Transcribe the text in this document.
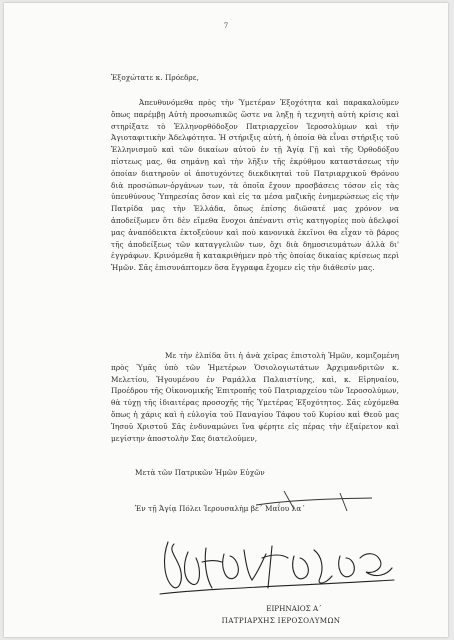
7
Ἐξοχώτατε κ. Πρόεδρε,
Ἀπευθυνόμεθα πρὸς τὴν Ὑμετέραν Ἐξοχότητα καὶ παρακαλοῦμεν ὅπως παρέμβῃ Αὐτὴ προσωπικῶς ὥστε να ληξῃ ἡ τεχνητὴ αὐτὴ κρίσις καὶ στηρίξατε τὸ Ἑλληνορθόδοξον Πατριαρχεῖον Ἱεροσολύμων καὶ τὴν Ἁγιοταφιτικὴν Ἀδελφότητα. Ἡ στήριξις αὐτή, ἡ ὁποία θὰ εἶναι στήριξις τοῦ Ἑλληνισμοῦ καὶ τῶν δικαίων αὐτοῦ ἐν τῇ Ἁγίᾳ Γῇ καὶ τῆς Ὀρθοδόξου πίστεως μας, θα σημάνῃ καὶ τὴν λῆξιν τῆς ἐκρύθμου καταστάσεως τὴν ὁποίαν διατηροῦν οἱ ἀποτυχόντες διεκδικηταὶ τοῦ Πατριαρχικοῦ Θρόνου διὰ προσώπων-ὀργάνων των, τὰ ὁποῖα ἔχουν προσβάσεις τόσον εἰς τὰς ὑπευθύνους Ὑπηρεσίας ὅσον καὶ εἰς τα μέσα μαζικῆς ἐνημερώσεως εἰς τὴν Πατρίδα μας τὴν Ἑλλάδα, ὅπως ἐπίσης διῶσατέ μας χρόνον να ἀποδείξωμεν ὅτι δὲν εἴμεθα ἔνοχοι ἀπέναντι στὶς κατηγορίες ποὺ ἀδελφοί μας ἀναπόδεικτα ἐκτοξεύουν καὶ ποὺ κανονικὰ ἐκεῖνοι θα εἶχαν τὸ βάρος τῆς ἀποδείξεως τῶν καταγγελιῶν των, ὄχι διὰ δημοσιευμάτων ἀλλὰ δι' ἐγγράφων. Κρινόμεθα ἤ κατακριθήμεν πρὸ τῆς ὁποίας δικαίας κρίσεως περὶ Ἡμῶν. Σᾶς ἐπισυνάπτομεν ὅσα ἔγγραφα ἔχομεν εἰς τὴν διάθεσίν μας.
Με τὴν ἐλπίδα ὅτι ἡ ἀνὰ χεῖρας ἐπιστολὴ Ἡμῶν, κομιζομένη πρὸς Ὑμᾶς ὑπὸ τῶν Ἡμετέρων Ὁσιολογιωτάτων Ἀρχιμανδριτῶν κ. Μελετίου, Ἡγουμένου ἐν Ραμάλλα Παλαιστίνης, καὶ, κ. Εἰρηναίου, Προέδρου τῆς Οἰκονομικῆς Ἐπιτροπῆς τοῦ Πατριαρχείου τῶν Ἱεροσολύμων, θὰ τύχῃ τῆς ἰδιαιτέρας προσοχῆς τῆς Ὑμετέρας Ἐξοχότητος. Σᾶς εὐχόμεθα ὅπως ἡ χάρις καὶ ἡ εὐλογία τοῦ Παναγίου Τάφου τοῦ Κυρίου καὶ Θεοῦ μας Ἰησοῦ Χριστοῦ Σᾶς ἐνδυναμώνει ἵνα φέρητε εἰς πέρας τὴν ἐξαίρετον καὶ μεγίστην ἀποστολὴν Σας διατελοῦμεν,
Μετὰ τῶν Πατρικῶν Ἡμῶν Εὐχῶν
Ἐν τῇ Ἁγίᾳ Πόλει Ἱερουσαλὴμ βε΄ Μαΐου λα΄
ΕΙΡΗΝΑΙΟΣ Α΄
ΠΑΤΡΙΑΡΧΗΣ ΙΕΡΟΣΟΛΥΜΩΝ
